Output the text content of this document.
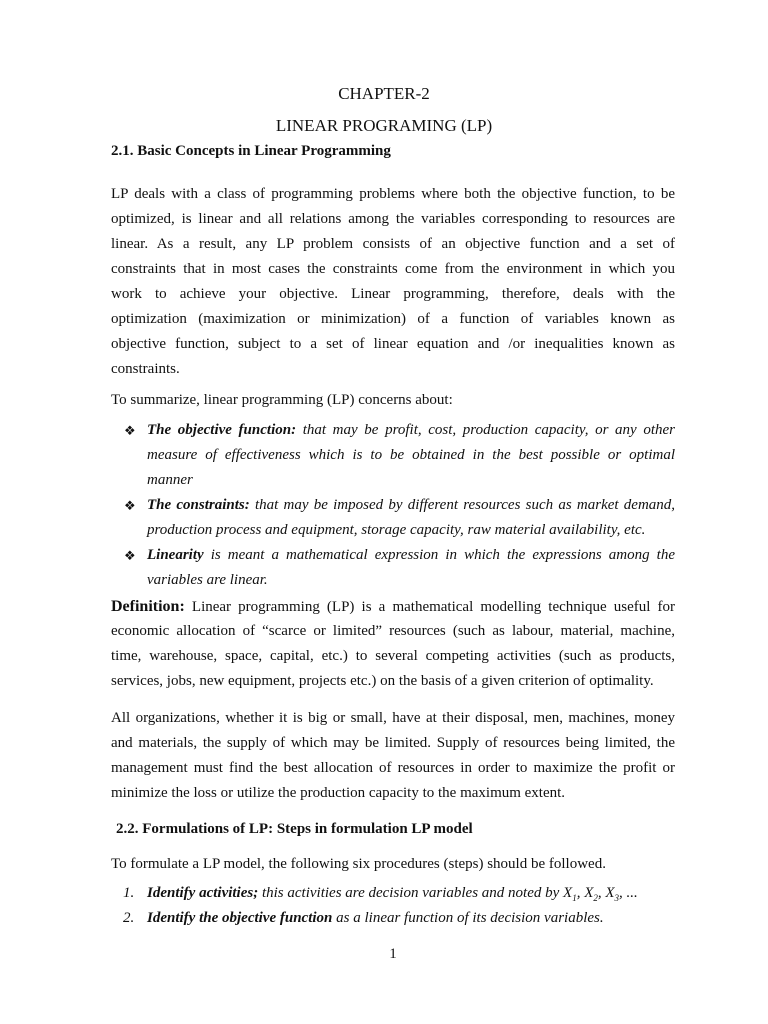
CHAPTER-2
LINEAR PROGRAMING (LP)
2.1. Basic Concepts in Linear Programming
LP deals with a class of programming problems where both the objective function, to be
optimized, is linear and all relations among the variables corresponding to resources are
linear. As a result, any LP problem consists of an objective function and a set of
constraints that in most cases the constraints come from the environment in which you
work to achieve your objective. Linear programming, therefore, deals with the
optimization (maximization or minimization) of a function of variables known as
objective function, subject to a set of linear equation and /or inequalities known as
constraints.
To summarize, linear programming (LP) concerns about:
❖ The objective function: that may be profit, cost, production capacity, or any other
measure of effectiveness which is to be obtained in the best possible or optimal
manner
❖ The constraints: that may be imposed by different resources such as market demand,
production process and equipment, storage capacity, raw material availability, etc.
❖ Linearity is meant a mathematical expression in which the expressions among the
variables are linear.
Definition: Linear programming (LP) is a mathematical modelling technique useful for
economic allocation of “scarce or limited” resources (such as labour, material, machine,
time, warehouse, space, capital, etc.) to several competing activities (such as products,
services, jobs, new equipment, projects etc.) on the basis of a given criterion of optimality.
All organizations, whether it is big or small, have at their disposal, men, machines, money
and materials, the supply of which may be limited. Supply of resources being limited, the
management must find the best allocation of resources in order to maximize the profit or
minimize the loss or utilize the production capacity to the maximum extent.
2.2. Formulations of LP: Steps in formulation LP model
To formulate a LP model, the following six procedures (steps) should be followed.
1. Identify activities; this activities are decision variables and noted by $X_1$, $X_2$, $X_3$, ...
2. Identify the objective function as a linear function of its decision variables.
1
